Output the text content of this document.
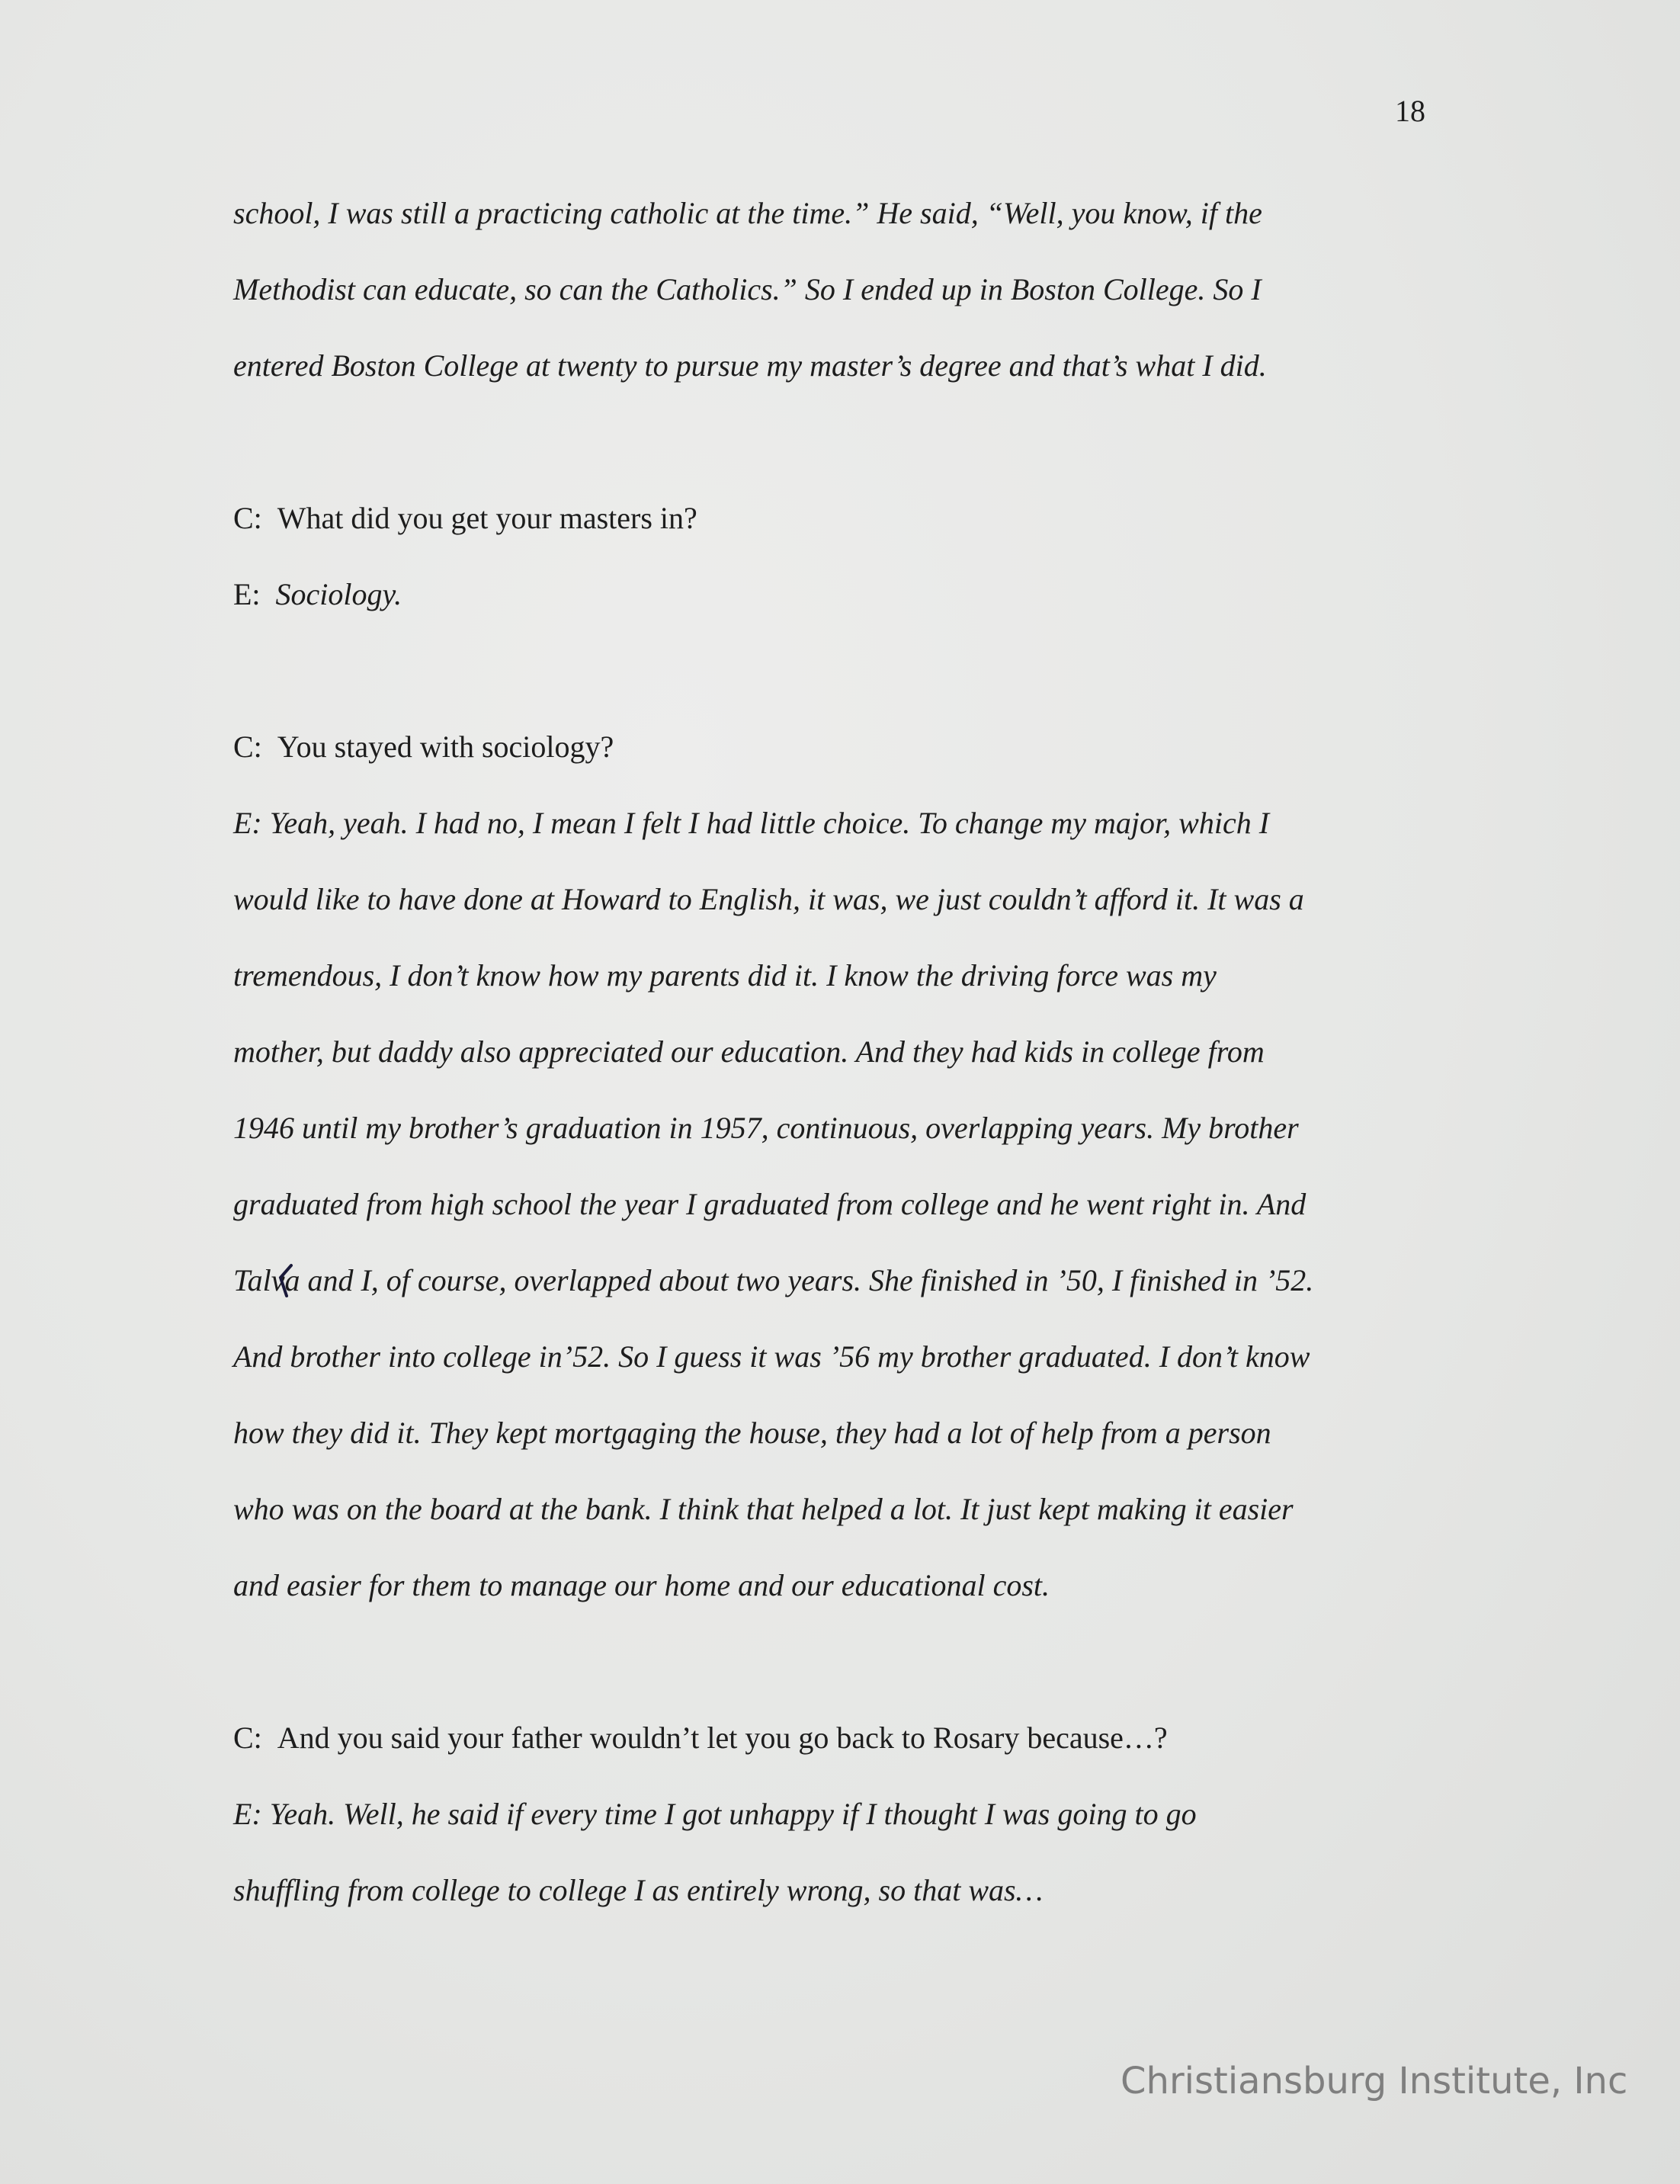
18
school, I was still a practicing catholic at the time.” He said, “Well, you know, if the
Methodist can educate, so can the Catholics.” So I ended up in Boston College. So I
entered Boston College at twenty to pursue my master’s degree and that’s what I did.
C: What did you get your masters in?
E: Sociology.
C: You stayed with sociology?
E: Yeah, yeah. I had no, I mean I felt I had little choice. To change my major, which I
would like to have done at Howard to English, it was, we just couldn’t afford it. It was a
tremendous, I don’t know how my parents did it. I know the driving force was my
mother, but daddy also appreciated our education. And they had kids in college from
1946 until my brother’s graduation in 1957, continuous, overlapping years. My brother
graduated from high school the year I graduated from college and he went right in. And
Talva and I, of course, overlapped about two years. She finished in ’50, I finished in ’52.
And brother into college in’52. So I guess it was ’56 my brother graduated. I don’t know
how they did it. They kept mortgaging the house, they had a lot of help from a person
who was on the board at the bank. I think that helped a lot. It just kept making it easier
and easier for them to manage our home and our educational cost.
C: And you said your father wouldn’t let you go back to Rosary because…?
E: Yeah. Well, he said if every time I got unhappy if I thought I was going to go
shuffling from college to college I as entirely wrong, so that was…
Christiansburg Institute, Inc
